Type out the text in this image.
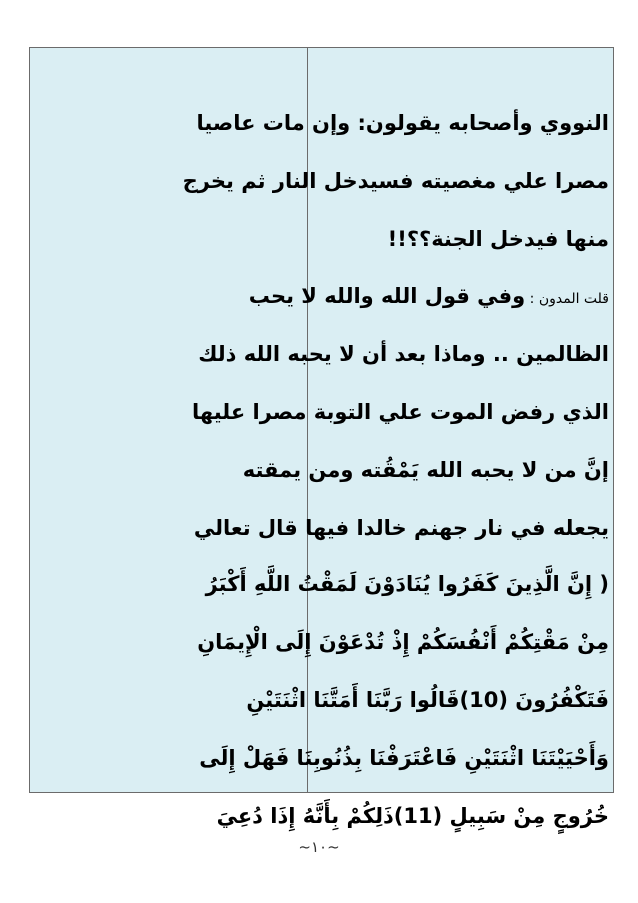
النووي وأصحابه يقولون: وإن مات عاصيا
مصرا علي مغصيته فسيدخل النار ثم يخرج
منها فيدخل الجنة؟؟!!
قلت المدون : وفي قول الله والله لا يحب
الظالمين .. وماذا بعد أن لا يحبه الله ذلك
الذي رفض الموت علي التوبة مصرا عليها
إنَّ من لا يحبه الله يَمْقُته ومن يمقته
يجعله في نار جهنم خالدا فيها قال تعالي
( إِنَّ الَّذِينَ كَفَرُوا يُنَادَوْنَ لَمَقْتُ اللَّهِ أَكْبَرُ
مِنْ مَقْتِكُمْ أَنْفُسَكُمْ إِذْ تُدْعَوْنَ إِلَى الْإِيمَانِ
فَتَكْفُرُونَ (10)قَالُوا رَبَّنَا أَمَتَّنَا اثْنَتَيْنِ
وَأَحْيَيْتَنَا اثْنَتَيْنِ فَاعْتَرَفْنَا بِذُنُوبِنَا فَهَلْ إِلَى
خُرُوجٍ مِنْ سَبِيلٍ (11)ذَلِكُمْ بِأَنَّهُ إِذَا دُعِيَ
~١٠~
